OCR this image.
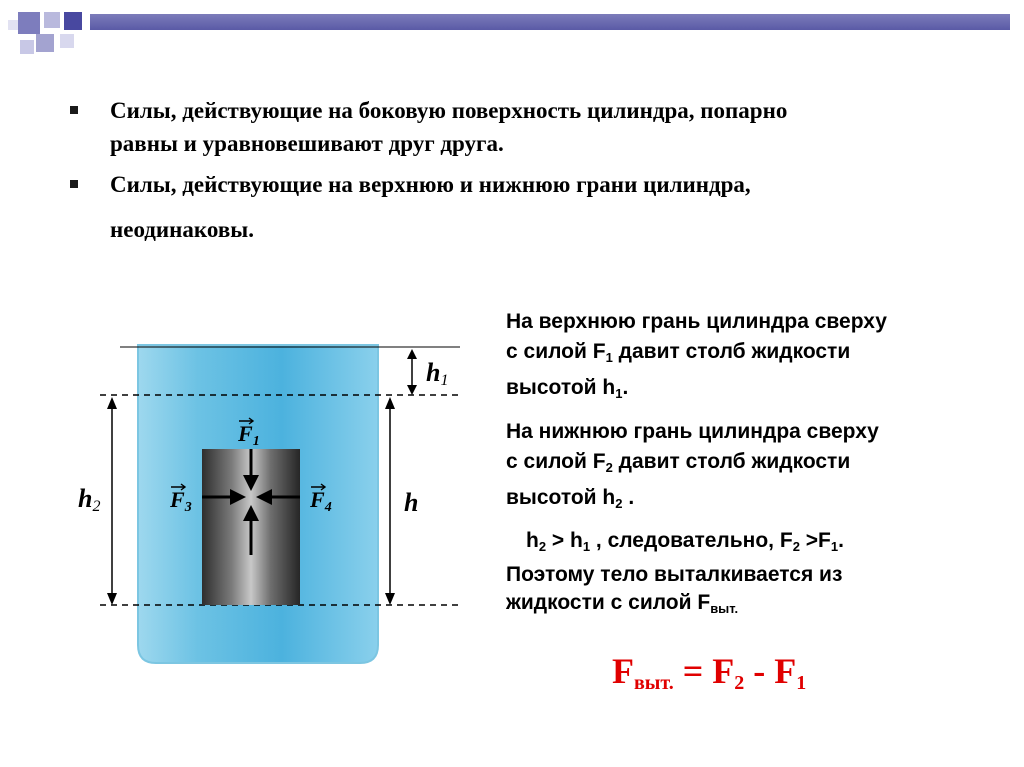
Силы, действующие на боковую поверхность цилиндра, попарно
равны и уравновешивают друг друга.
Силы, действующие на верхнюю и нижнюю грани цилиндра,
неодинаковы.
h1
h
h2
F1
F3	F4
На верхнюю грань цилиндра сверху
с силой $F_1$ давит столб жидкости
высотой $h_1$.
На нижнюю грань цилиндра сверху
с силой $F_2$ давит столб жидкости
высотой $h_2$ .
$h_2 > h_1$ , следовательно, $F_2 >F_1$.
Поэтому тело выталкивается из
жидкости с силой $F_{выт.}$
Fвыт. = F2 - F1
